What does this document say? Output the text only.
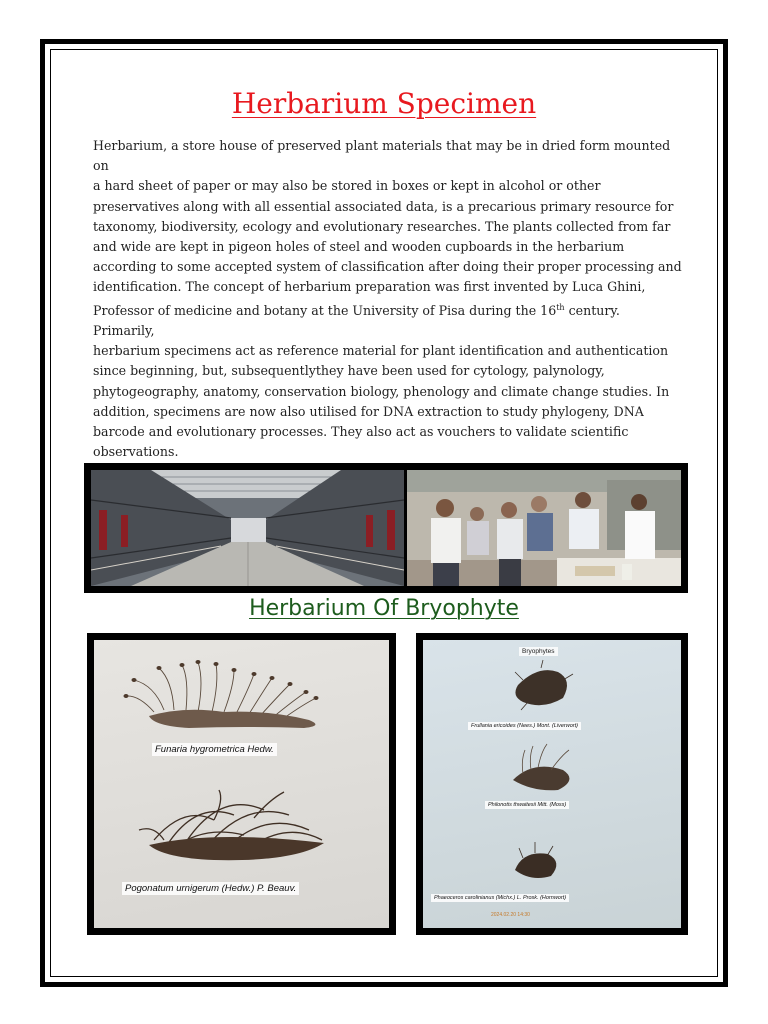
Herbarium Specimen

Herbarium, a store house of preserved plant materials that may be in dried form mounted on
a hard sheet of paper or may also be stored in boxes or kept in alcohol or other
preservatives along with all essential associated data, is a precarious primary resource for
taxonomy, biodiversity, ecology and evolutionary researches. The plants collected from far
and wide are kept in pigeon holes of steel and wooden cupboards in the herbarium
according to some accepted system of classification after doing their proper processing and
identification. The concept of herbarium preparation was first invented by Luca Ghini,
Professor of medicine and botany at the University of Pisa during the 16th century. Primarily,
herbarium specimens act as reference material for plant identification and authentication
since beginning, but, subsequentlythey have been used for cytology, palynology,
phytogeography, anatomy, conservation biology, phenology and climate change studies. In
addition, specimens are now also utilised for DNA extraction to study phylogeny, DNA
barcode and evolutionary processes. They also act as vouchers to validate scientific
observations.

Herbarium Of Bryophyte
Funaria hygrometrica Hedw.
Pogonatum urnigerum (Hedw.) P. Beauv.
Bryophytes
Frullania ericoides (Nees.) Mont. (Liverwort)
Philonotis thwaitesii Mitt. (Moss)
Phaeoceros carolinianus (Michx.) L. Prosk. (Hornwort)
2024.02.20 14:30
